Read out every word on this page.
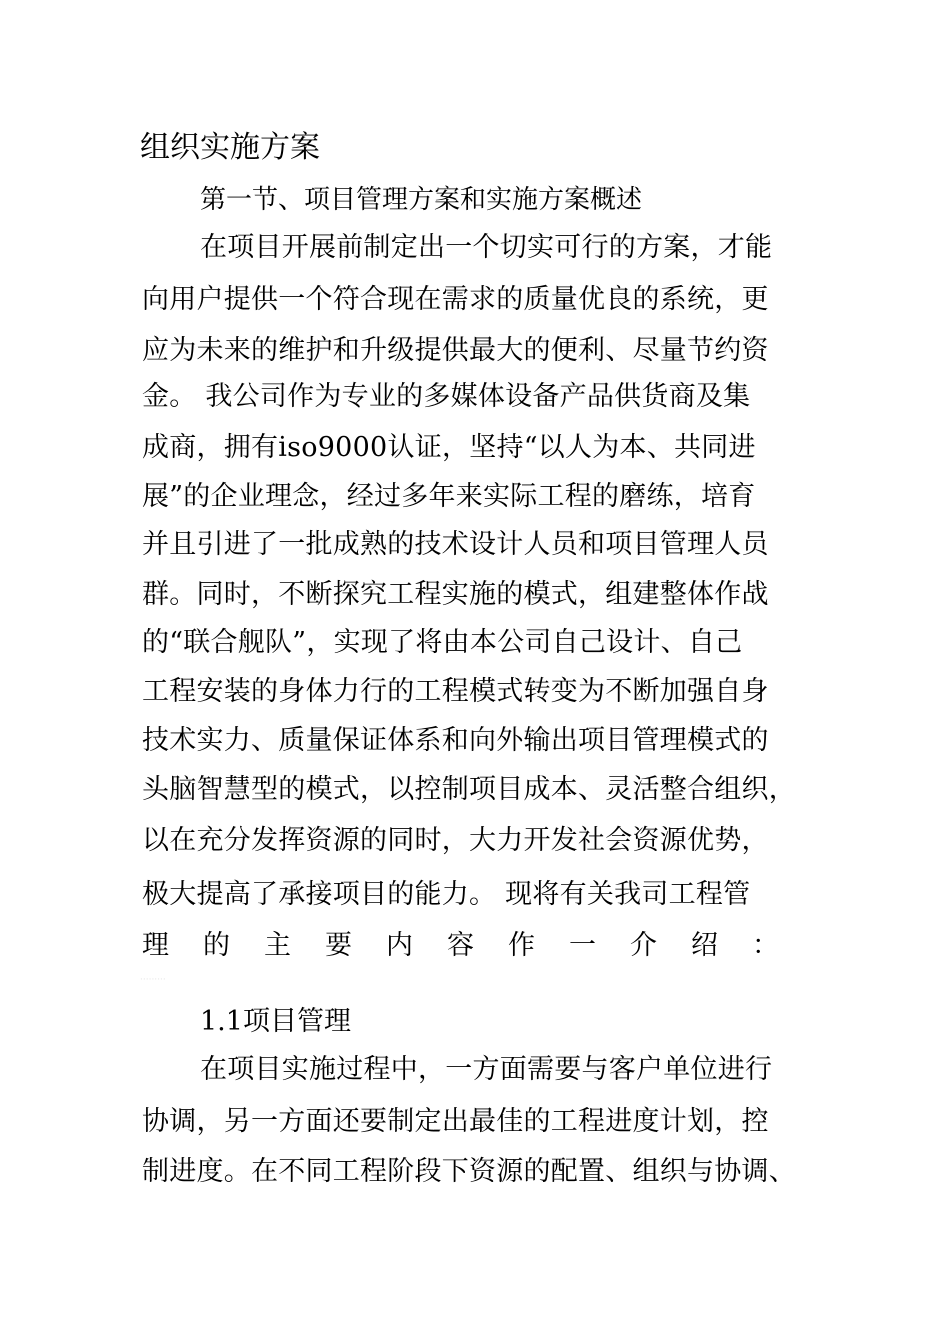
组织实施方案
第一节、项目管理方案和实施方案概述
在项目开展前制定出一个切实可行的方案，才能
向用户提供一个符合现在需求的质量优良的系统，更
应为未来的维护和升级提供最大的便利、尽量节约资
金。 我公司作为专业的多媒体设备产品供货商及集
成商，拥有iso9000认证，坚持“以人为本、共同进
展”的企业理念，经过多年来实际工程的磨练，培育
并且引进了一批成熟的技术设计人员和项目管理人员
群。同时，不断探究工程实施的模式，组建整体作战
的“联合舰队”，实现了将由本公司自己设计、自己
工程安装的身体力行的工程模式转变为不断加强自身
技术实力、质量保证体系和向外输出项目管理模式的
头脑智慧型的模式，以控制项目成本、灵活整合组织，
以在充分发挥资源的同时，大力开发社会资源优势，
极大提高了承接项目的能力。 现将有关我司工程管
理的主要内容作一介绍：
·········
1.1项目管理
在项目实施过程中，一方面需要与客户单位进行
协调，另一方面还要制定出最佳的工程进度计划，控
制进度。在不同工程阶段下资源的配置、组织与协调、
